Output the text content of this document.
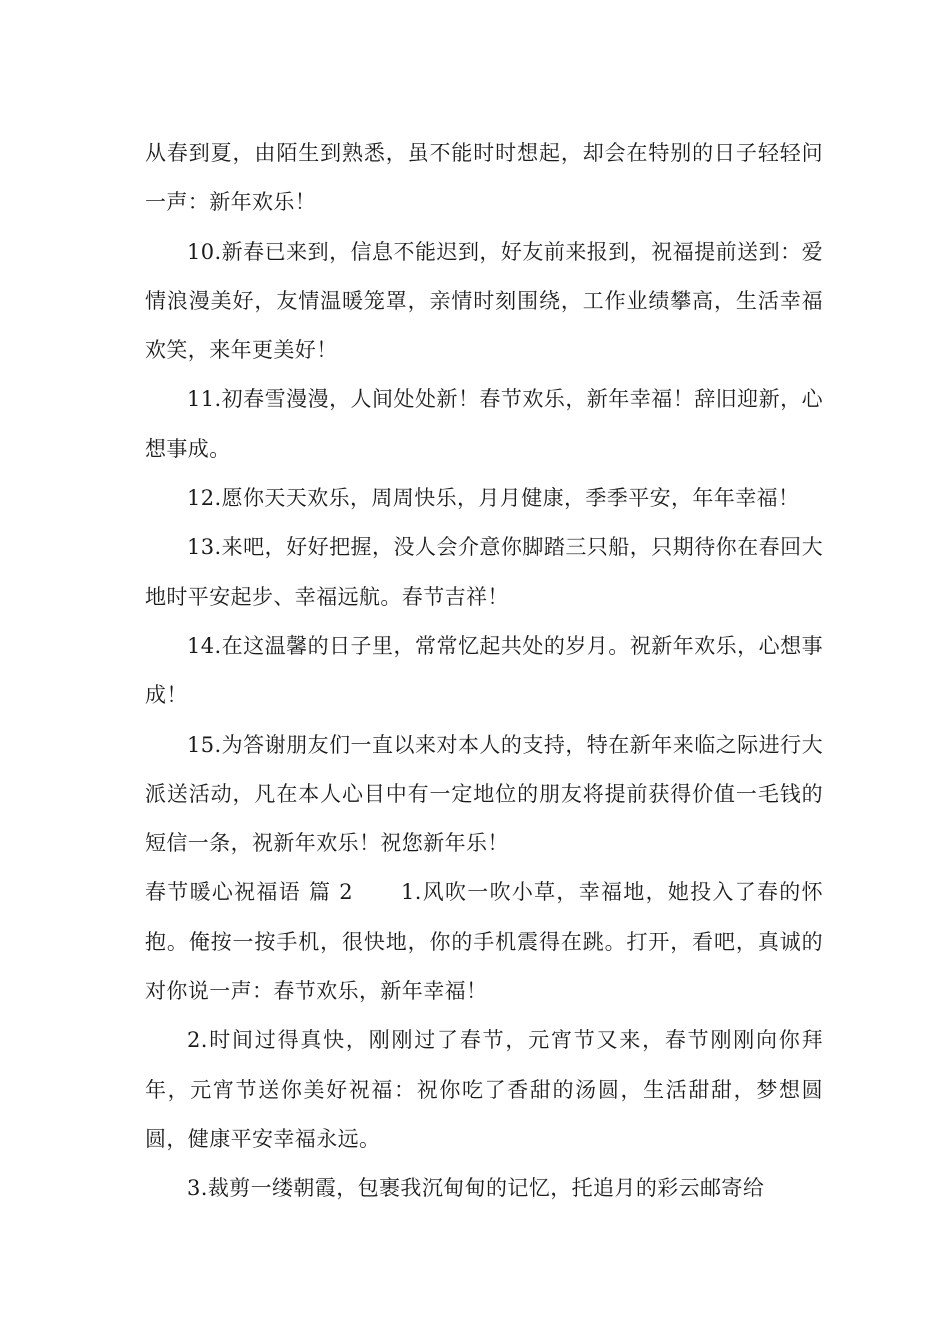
从春到夏，由陌生到熟悉，虽不能时时想起，却会在特别的日子轻轻问一声：新年欢乐！

10.新春已来到，信息不能迟到，好友前来报到，祝福提前送到：爱情浪漫美好，友情温暖笼罩，亲情时刻围绕，工作业绩攀高，生活幸福欢笑，来年更美好！

11.初春雪漫漫，人间处处新！春节欢乐，新年幸福！辞旧迎新，心想事成。

12.愿你天天欢乐，周周快乐，月月健康，季季平安，年年幸福！

13.来吧，好好把握，没人会介意你脚踏三只船，只期待你在春回大地时平安起步、幸福远航。春节吉祥！

14.在这温馨的日子里，常常忆起共处的岁月。祝新年欢乐，心想事成！

15.为答谢朋友们一直以来对本人的支持，特在新年来临之际进行大派送活动，凡在本人心目中有一定地位的朋友将提前获得价值一毛钱的短信一条，祝新年欢乐！祝您新年乐！

春节暖心祝福语 篇 2 1.风吹一吹小草，幸福地，她投入了春的怀抱。俺按一按手机，很快地，你的手机震得在跳。打开，看吧，真诚的对你说一声：春节欢乐，新年幸福！

2.时间过得真快，刚刚过了春节，元宵节又来，春节刚刚向你拜年，元宵节送你美好祝福：祝你吃了香甜的汤圆，生活甜甜，梦想圆圆，健康平安幸福永远。

3.裁剪一缕朝霞，包裹我沉甸甸的记忆，托追月的彩云邮寄给
